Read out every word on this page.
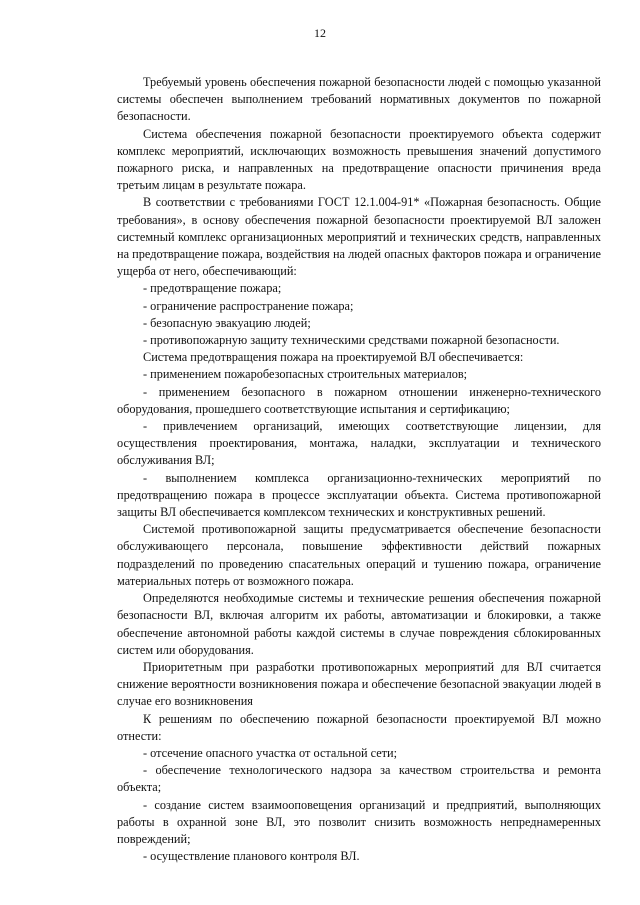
12

Требуемый уровень обеспечения пожарной безопасности людей с помощью указанной системы обеспечен выполнением требований нормативных документов по пожарной безопасности.

Система обеспечения пожарной безопасности проектируемого объекта содержит комплекс мероприятий, исключающих возможность превышения значений допустимого пожарного риска, и направленных на предотвращение опасности причинения вреда третьим лицам в результате пожара.

В соответствии с требованиями ГОСТ 12.1.004-91* «Пожарная безопасность. Общие требования», в основу обеспечения пожарной безопасности проектируемой ВЛ заложен системный комплекс организационных мероприятий и технических средств, направленных на предотвращение пожара, воздействия на людей опасных факторов пожара и ограничение ущерба от него, обеспечивающий:

- предотвращение пожара;

- ограничение распространение пожара;

- безопасную эвакуацию людей;

- противопожарную защиту техническими средствами пожарной безопасности.

Система предотвращения пожара на проектируемой ВЛ обеспечивается:

- применением пожаробезопасных строительных материалов;

- применением безопасного в пожарном отношении инженерно-технического оборудования, прошедшего соответствующие испытания и сертификацию;

- привлечением организаций, имеющих соответствующие лицензии, для осуществления проектирования, монтажа, наладки, эксплуатации и технического обслуживания ВЛ;

- выполнением комплекса организационно-технических мероприятий по предотвращению пожара в процессе эксплуатации объекта. Система противопожарной защиты ВЛ обеспечивается комплексом технических и конструктивных решений.

Системой противопожарной защиты предусматривается обеспечение безопасности обслуживающего персонала, повышение эффективности действий пожарных подразделений по проведению спасательных операций и тушению пожара, ограничение материальных потерь от возможного пожара.

Определяются необходимые системы и технические решения обеспечения пожарной безопасности ВЛ, включая алгоритм их работы, автоматизации и блокировки, а также обеспечение автономной работы каждой системы в случае повреждения сблокированных систем или оборудования.

Приоритетным при разработки противопожарных мероприятий для ВЛ считается снижение вероятности возникновения пожара и обеспечение безопасной эвакуации людей в случае его возникновения

К решениям по обеспечению пожарной безопасности проектируемой ВЛ можно отнести:

- отсечение опасного участка от остальной сети;

- обеспечение технологического надзора за качеством строительства и ремонта объекта;

- создание систем взаимооповещения организаций и предприятий, выполняющих работы в охранной зоне ВЛ, это позволит снизить возможность непреднамеренных повреждений;

- осуществление планового контроля ВЛ.
